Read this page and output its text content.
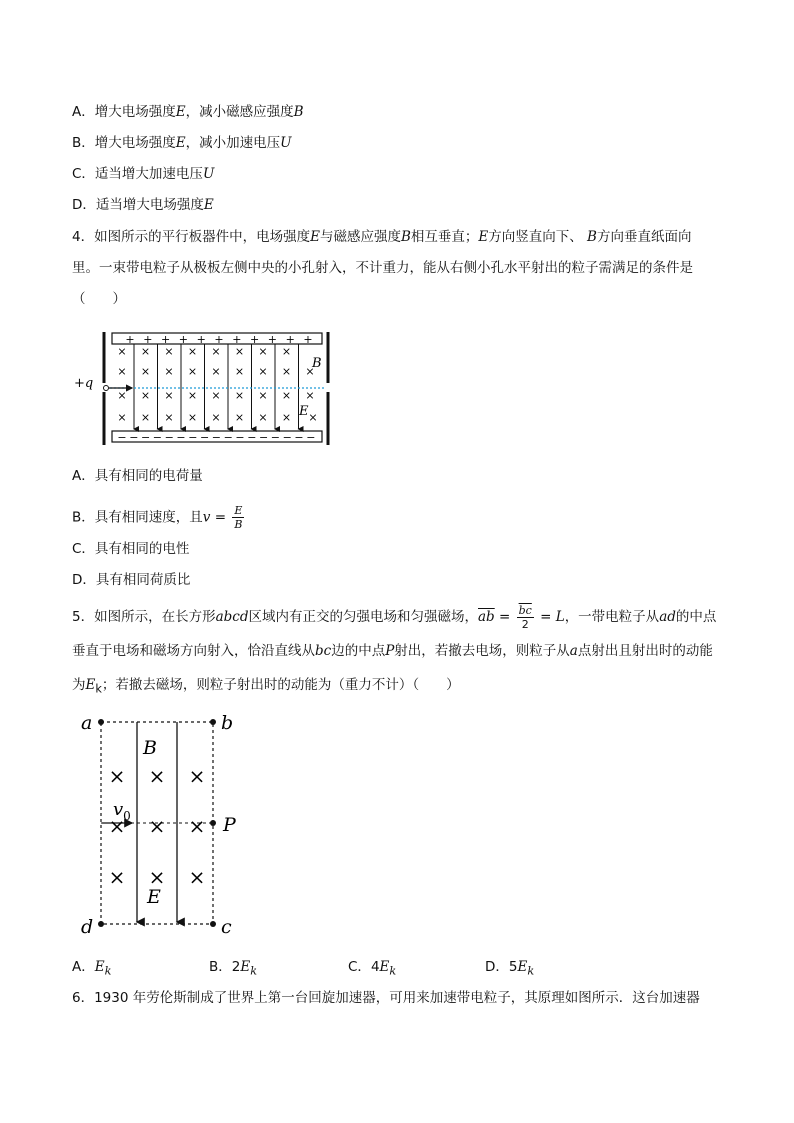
A．增大电场强度E，减小磁感应强度B
B．增大电场强度E，减小加速电压U
C．适当增大加速电压U
D．适当增大电场强度E
4．如图所示的平行板器件中，电场强度E与磁感应强度B相互垂直；E方向竖直向下、 B方向垂直纸面向里。一束带电粒子从极板左侧中央的小孔射入，不计重力，能从右侧小孔水平射出的粒子需满足的条件是（　　）
+ + + + + + + + + + +
− − − − − − − − − − − − − − − − −
× × × × × × × ×
× × × × × × × × ×
× × × × × × × × ×
× × × × × × × × ×
+q
B
E
A．具有相同的电荷量
B．具有相同速度，且$v = \frac{E}{B}$
C．具有相同的电性
D．具有相同荷质比
5．如图所示，在长方形abcd区域内有正交的匀强电场和匀强磁场，$\overline{ab} = \frac{\overline{bc}}{2} = L$，一带电粒子从ad的中点垂直于电场和磁场方向射入，恰沿直线从bc边的中点P射出，若撤去电场，则粒子从a点射出且射出时的动能为$E_k$；若撤去磁场，则粒子射出时的动能为（重力不计）（　　）
× × ×
× × ×
× × ×
a	b
c
d
B
E
P
$v_0$
A．$E_k$	B．$2E_k$	C．$4E_k$	D．$5E_k$
6．1930 年劳伦斯制成了世界上第一台回旋加速器，可用来加速带电粒子，其原理如图所示．这台加速器
